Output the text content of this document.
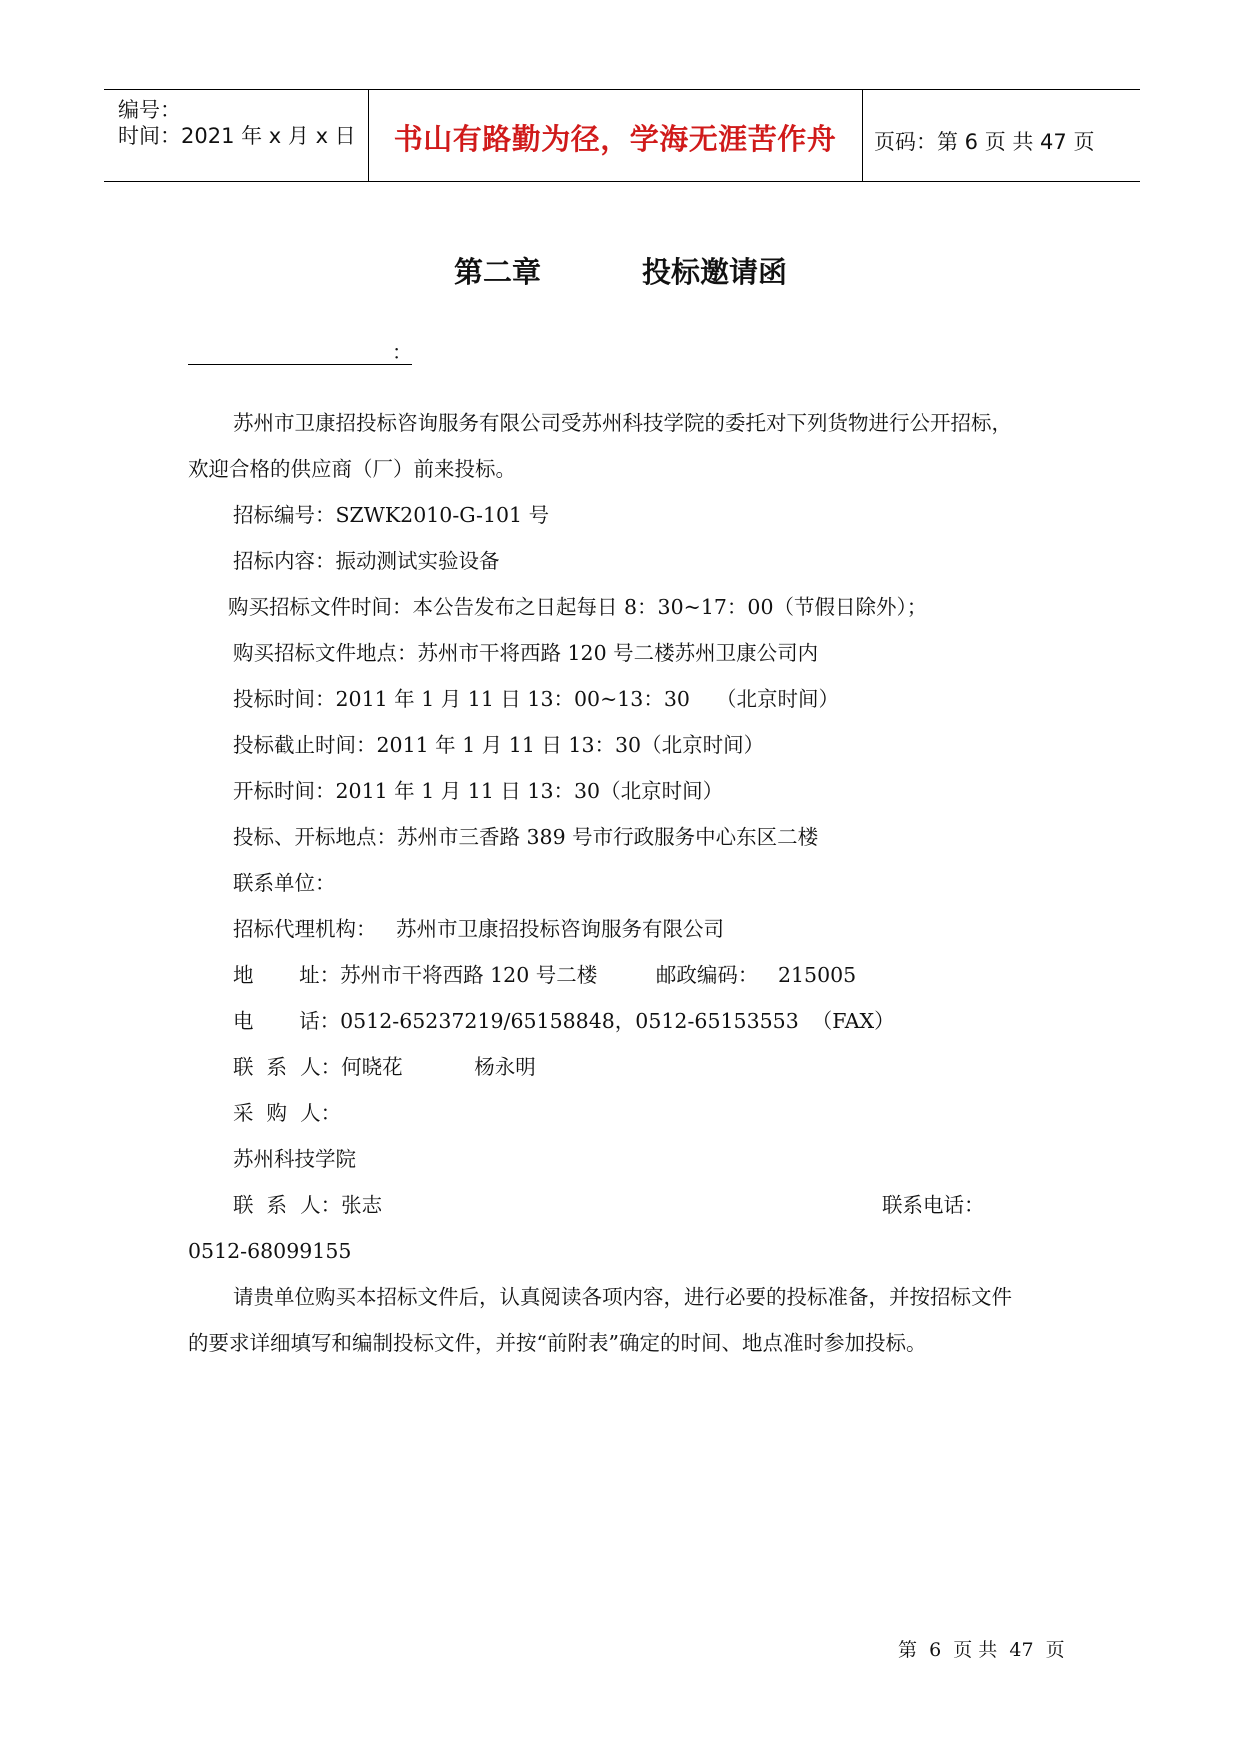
编号：
时间：2021 年 x 月 x 日	书山有路勤为径，学海无涯苦作舟	页码：第 6 页 共 47 页
第二章          投标邀请函
：
苏州市卫康招投标咨询服务有限公司受苏州科技学院的委托对下列货物进行公开招标，
欢迎合格的供应商（厂）前来投标。
招标编号：SZWK2010-G-101 号
招标内容：振动测试实验设备
购买招标文件时间：本公告发布之日起每日 8：30~17：00（节假日除外）；
购买招标文件地点：苏州市干将西路 120 号二楼苏州卫康公司内
投标时间：2011 年 1 月 11 日 13：00~13：30    （北京时间）
投标截止时间：2011 年 1 月 11 日 13：30（北京时间）
开标时间：2011 年 1 月 11 日 13：30（北京时间）
投标、开标地点：苏州市三香路 389 号市行政服务中心东区二楼
联系单位：
招标代理机构：   苏州市卫康招投标咨询服务有限公司
地       址：苏州市干将西路 120 号二楼         邮政编码：   215005
电       话：0512-65237219/65158848，0512-65153553  （FAX）
联  系  人：何晓花           杨永明
采  购  人：
苏州科技学院
联  系  人：张志	联系电话：
0512-68099155
请贵单位购买本招标文件后，认真阅读各项内容，进行必要的投标准备，并按招标文件
的要求详细填写和编制投标文件，并按“前附表”确定的时间、地点准时参加投标。
第  6  页 共  47  页
